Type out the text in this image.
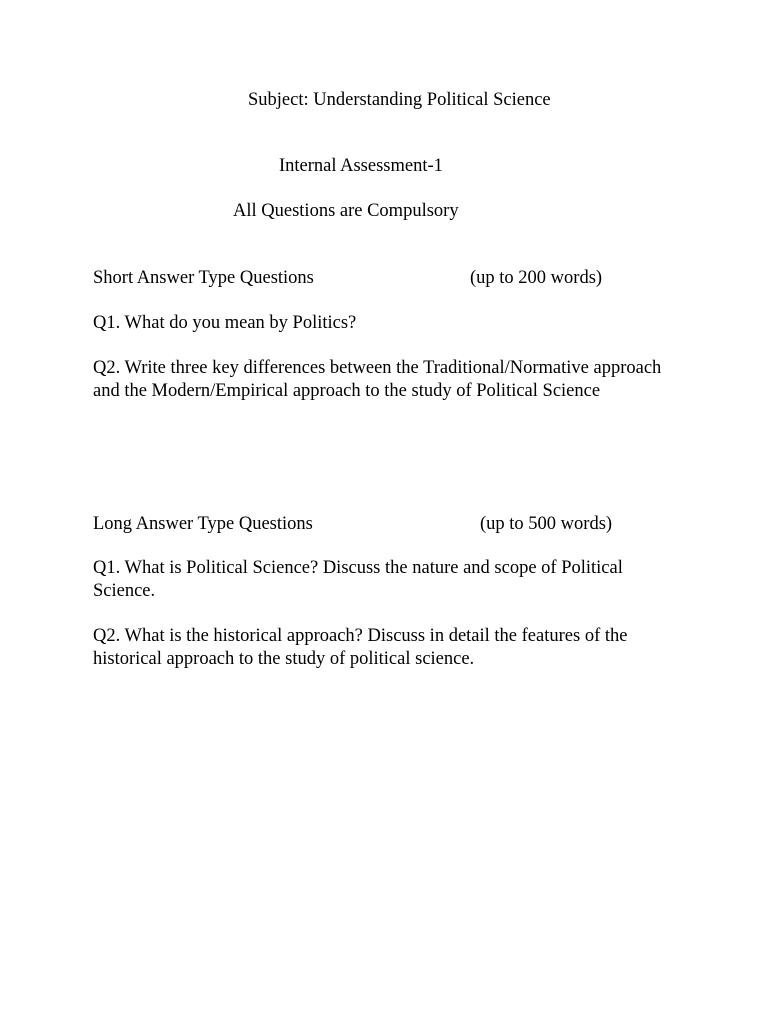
Subject: Understanding Political Science
Internal Assessment-1
All Questions are Compulsory
Short Answer Type Questions	(up to 200 words)
Q1. What do you mean by Politics?
Q2. Write three key differences between the Traditional/Normative approach and the Modern/Empirical approach to the study of Political Science
Long Answer Type Questions	(up to 500 words)
Q1. What is Political Science? Discuss the nature and scope of Political Science.
Q2. What is the historical approach? Discuss in detail the features of the historical approach to the study of political science.
